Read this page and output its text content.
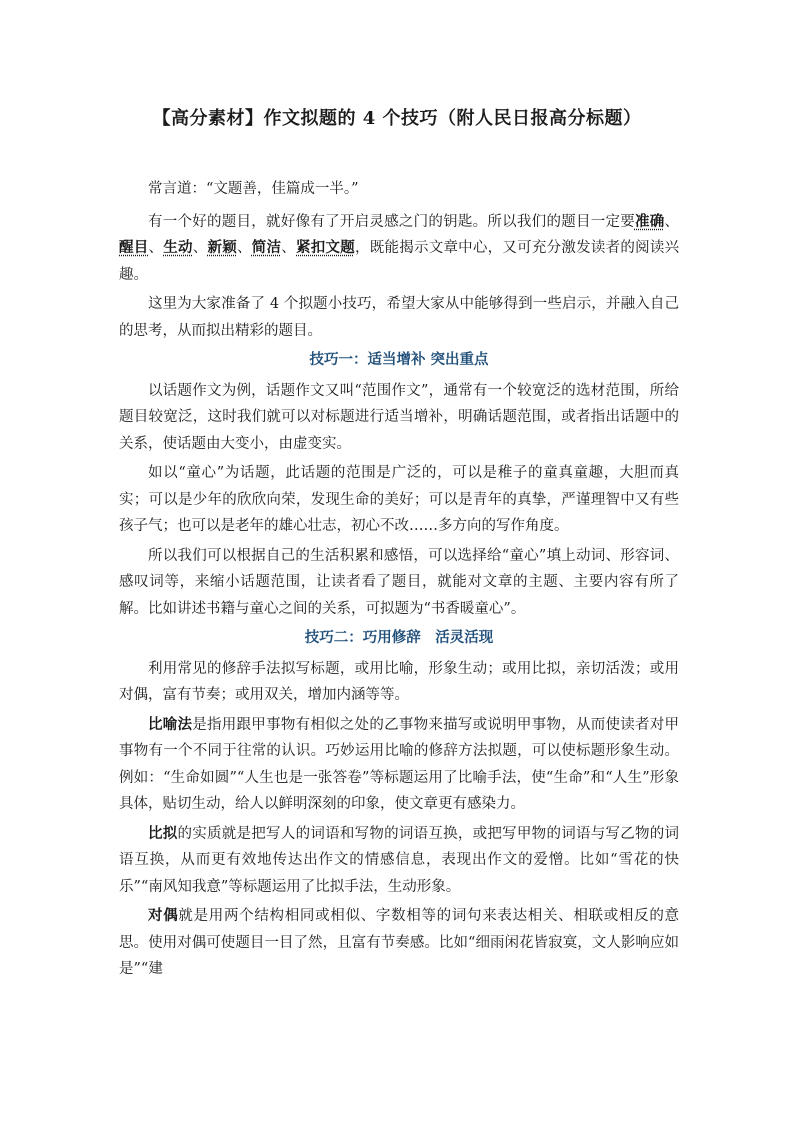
【高分素材】作文拟题的 4 个技巧（附人民日报高分标题）

常言道：“文题善，佳篇成一半。”

有一个好的题目，就好像有了开启灵感之门的钥匙。所以我们的题目一定要准确、醒目、生动、新颖、简洁、紧扣文题，既能揭示文章中心，又可充分激发读者的阅读兴趣。

这里为大家准备了 4 个拟题小技巧，希望大家从中能够得到一些启示，并融入自己的思考，从而拟出精彩的题目。

技巧一：适当增补 突出重点

以话题作文为例，话题作文又叫“范围作文”，通常有一个较宽泛的选材范围，所给题目较宽泛，这时我们就可以对标题进行适当增补，明确话题范围，或者指出话题中的关系，使话题由大变小，由虚变实。

如以“童心”为话题，此话题的范围是广泛的，可以是稚子的童真童趣，大胆而真实；可以是少年的欣欣向荣，发现生命的美好；可以是青年的真挚，严谨理智中又有些孩子气；也可以是老年的雄心壮志，初心不改……多方向的写作角度。

所以我们可以根据自己的生活积累和感悟，可以选择给“童心”填上动词、形容词、感叹词等，来缩小话题范围，让读者看了题目，就能对文章的主题、主要内容有所了解。比如讲述书籍与童心之间的关系，可拟题为“书香暖童心”。

技巧二：巧用修辞　活灵活现

利用常见的修辞手法拟写标题，或用比喻，形象生动；或用比拟，亲切活泼；或用对偶，富有节奏；或用双关，增加内涵等等。

比喻法是指用跟甲事物有相似之处的乙事物来描写或说明甲事物，从而使读者对甲事物有一个不同于往常的认识。巧妙运用比喻的修辞方法拟题，可以使标题形象生动。例如：“生命如圆”“人生也是一张答卷”等标题运用了比喻手法，使“生命”和“人生”形象具体，贴切生动，给人以鲜明深刻的印象，使文章更有感染力。

比拟的实质就是把写人的词语和写物的词语互换，或把写甲物的词语与写乙物的词语互换，从而更有效地传达出作文的情感信息，表现出作文的爱憎。比如“雪花的快乐”“南风知我意”等标题运用了比拟手法，生动形象。

对偶就是用两个结构相同或相似、字数相等的词句来表达相关、相联或相反的意思。使用对偶可使题目一目了然，且富有节奏感。比如“细雨闲花皆寂寞，文人影响应如是”“建
